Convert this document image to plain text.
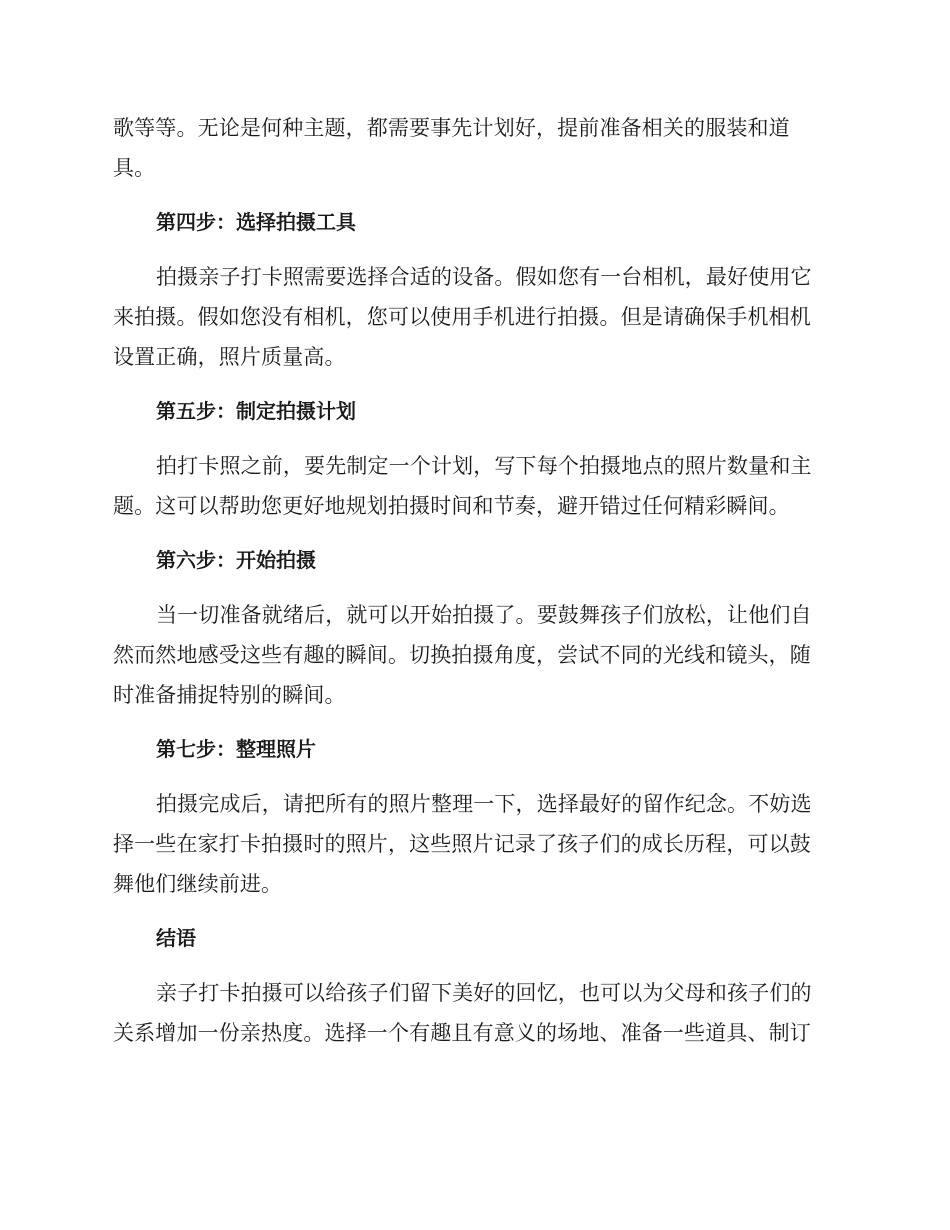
歌等等。无论是何种主题，都需要事先计划好，提前准备相关的服装和道
具。
第四步：选择拍摄工具
拍摄亲子打卡照需要选择合适的设备。假如您有一台相机，最好使用它
来拍摄。假如您没有相机，您可以使用手机进行拍摄。但是请确保手机相机
设置正确，照片质量高。
第五步：制定拍摄计划
拍打卡照之前，要先制定一个计划，写下每个拍摄地点的照片数量和主
题。这可以帮助您更好地规划拍摄时间和节奏，避开错过任何精彩瞬间。
第六步：开始拍摄
当一切准备就绪后，就可以开始拍摄了。要鼓舞孩子们放松，让他们自
然而然地感受这些有趣的瞬间。切换拍摄角度，尝试不同的光线和镜头，随
时准备捕捉特别的瞬间。
第七步：整理照片
拍摄完成后，请把所有的照片整理一下，选择最好的留作纪念。不妨选
择一些在家打卡拍摄时的照片，这些照片记录了孩子们的成长历程，可以鼓
舞他们继续前进。
结语
亲子打卡拍摄可以给孩子们留下美好的回忆，也可以为父母和孩子们的
关系增加一份亲热度。选择一个有趣且有意义的场地、准备一些道具、制订
